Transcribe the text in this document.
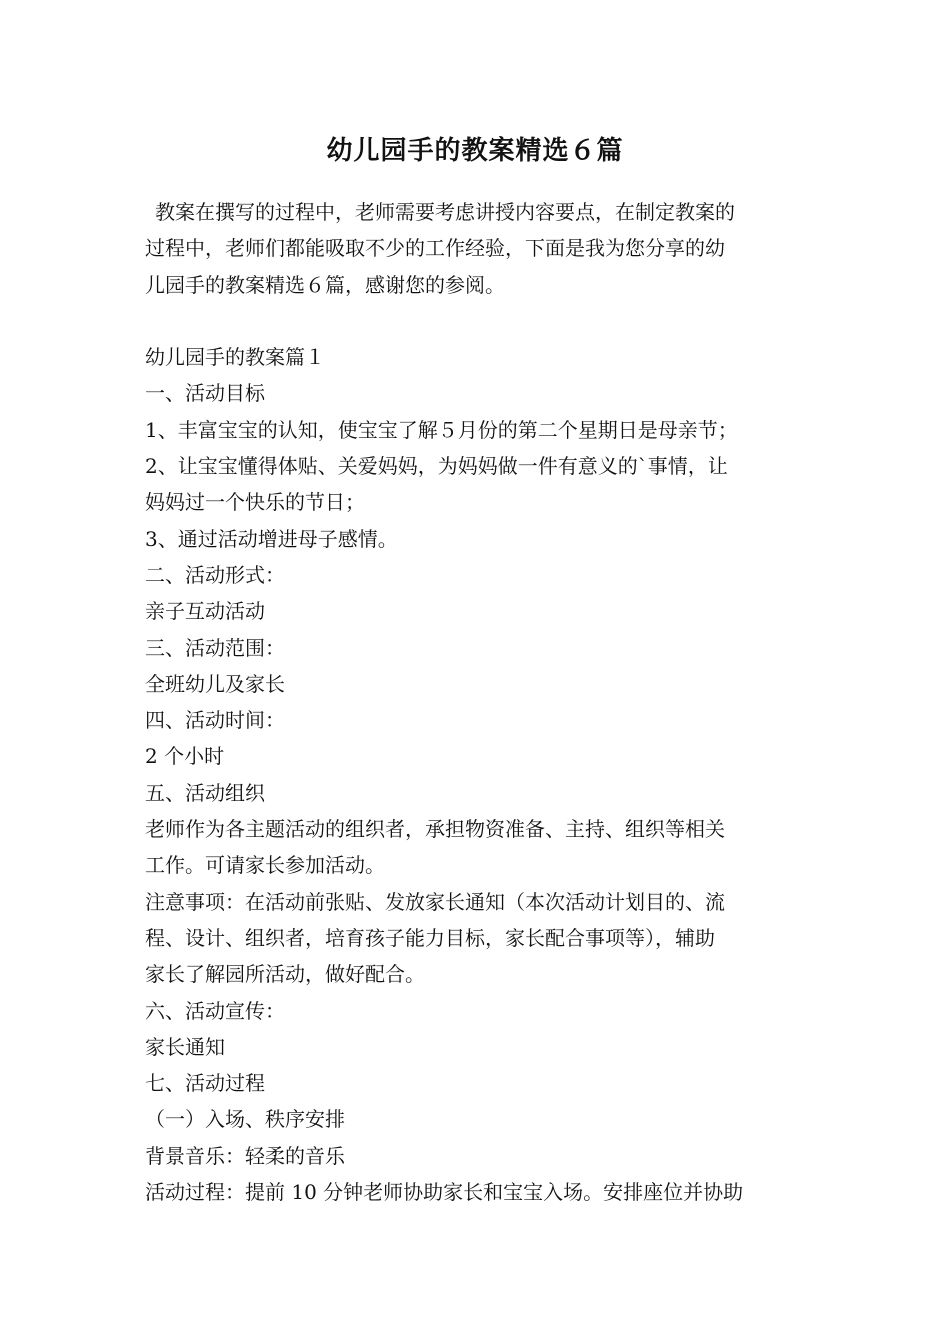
幼儿园手的教案精选６篇
教案在撰写的过程中，老师需要考虑讲授内容要点，在制定教案的
过程中，老师们都能吸取不少的工作经验，下面是我为您分享的幼
儿园手的教案精选６篇，感谢您的参阅。
幼儿园手的教案篇１
一、活动目标
1、丰富宝宝的认知，使宝宝了解５月份的第二个星期日是母亲节；
2、让宝宝懂得体贴、关爱妈妈，为妈妈做一件有意义的`事情，让
妈妈过一个快乐的节日；
3、通过活动增进母子感情。
二、活动形式：
亲子互动活动
三、活动范围：
全班幼儿及家长
四、活动时间：
2 个小时
五、活动组织
老师作为各主题活动的组织者，承担物资准备、主持、组织等相关
工作。可请家长参加活动。
注意事项：在活动前张贴、发放家长通知（本次活动计划目的、流
程、设计、组织者，培育孩子能力目标，家长配合事项等），辅助
家长了解园所活动，做好配合。
六、活动宣传：
家长通知
七、活动过程
（一）入场、秩序安排
背景音乐：轻柔的音乐
活动过程：提前 10 分钟老师协助家长和宝宝入场。安排座位并协助
